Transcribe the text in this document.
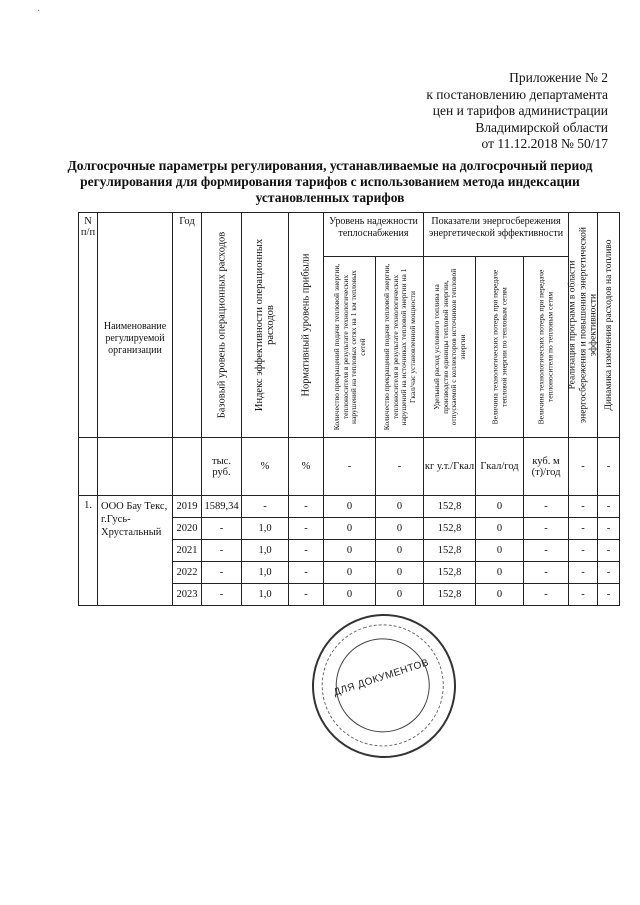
·
Приложение № 2
к постановлению департамента
цен и тарифов администрации
Владимирской области
от 11.12.2018 № 50/17
Долгосрочные параметры регулирования, устанавливаемые на долгосрочный период регулирования для формирования тарифов с использованием метода индексации установленных тарифов
N п/п	Наименование регулируемой организации	Год	Базовый уровень операционных расходов	Индекс эффективности операционных расходов	Нормативный уровень прибыли	Уровень надежности теплоснабжения		Показатели энергосбережения энергетической эффективности			Реализация программ в области энергосбережения и повышения энергетической эффективности	Динамика изменения расходов на топливо

						Количество прекращений подачи тепловой энергии, теплоносителя в результате технологических нарушений на тепловых сетях на 1 км тепловых сетей	Количество прекращений подачи тепловой энергии, теплоносителя в результате технологических нарушений на источниках тепловой энергии на 1 Гкал/час установленной мощности	Удельный расход условного топлива на производство единицы тепловой энергии, отпускаемой с коллекторов источников тепловой энергии	Величина технологических потерь при передаче тепловой энергии по тепловым сетям	Величина технологических потерь при передаче теплоносителя по тепловым сетям		

			тыс. руб.	%	%	-	-	кг у.т./Гкал	Гкал/год	куб. м (т)/год	-	-
1.	ООО Бау Текс, г.Гусь-Хрустальный	2019	1589,34	-	-	0	0	152,8	0	-	-	-
		2020	-	1,0	-	0	0	152,8	0	-	-	-
		2021	-	1,0	-	0	0	152,8	0	-	-	-
		2022	-	1,0	-	0	0	152,8	0	-	-	-
		2023	-	1,0	-	0	0	152,8	0	-	-	-
ДЛЯ ДОКУМЕНТОВ
